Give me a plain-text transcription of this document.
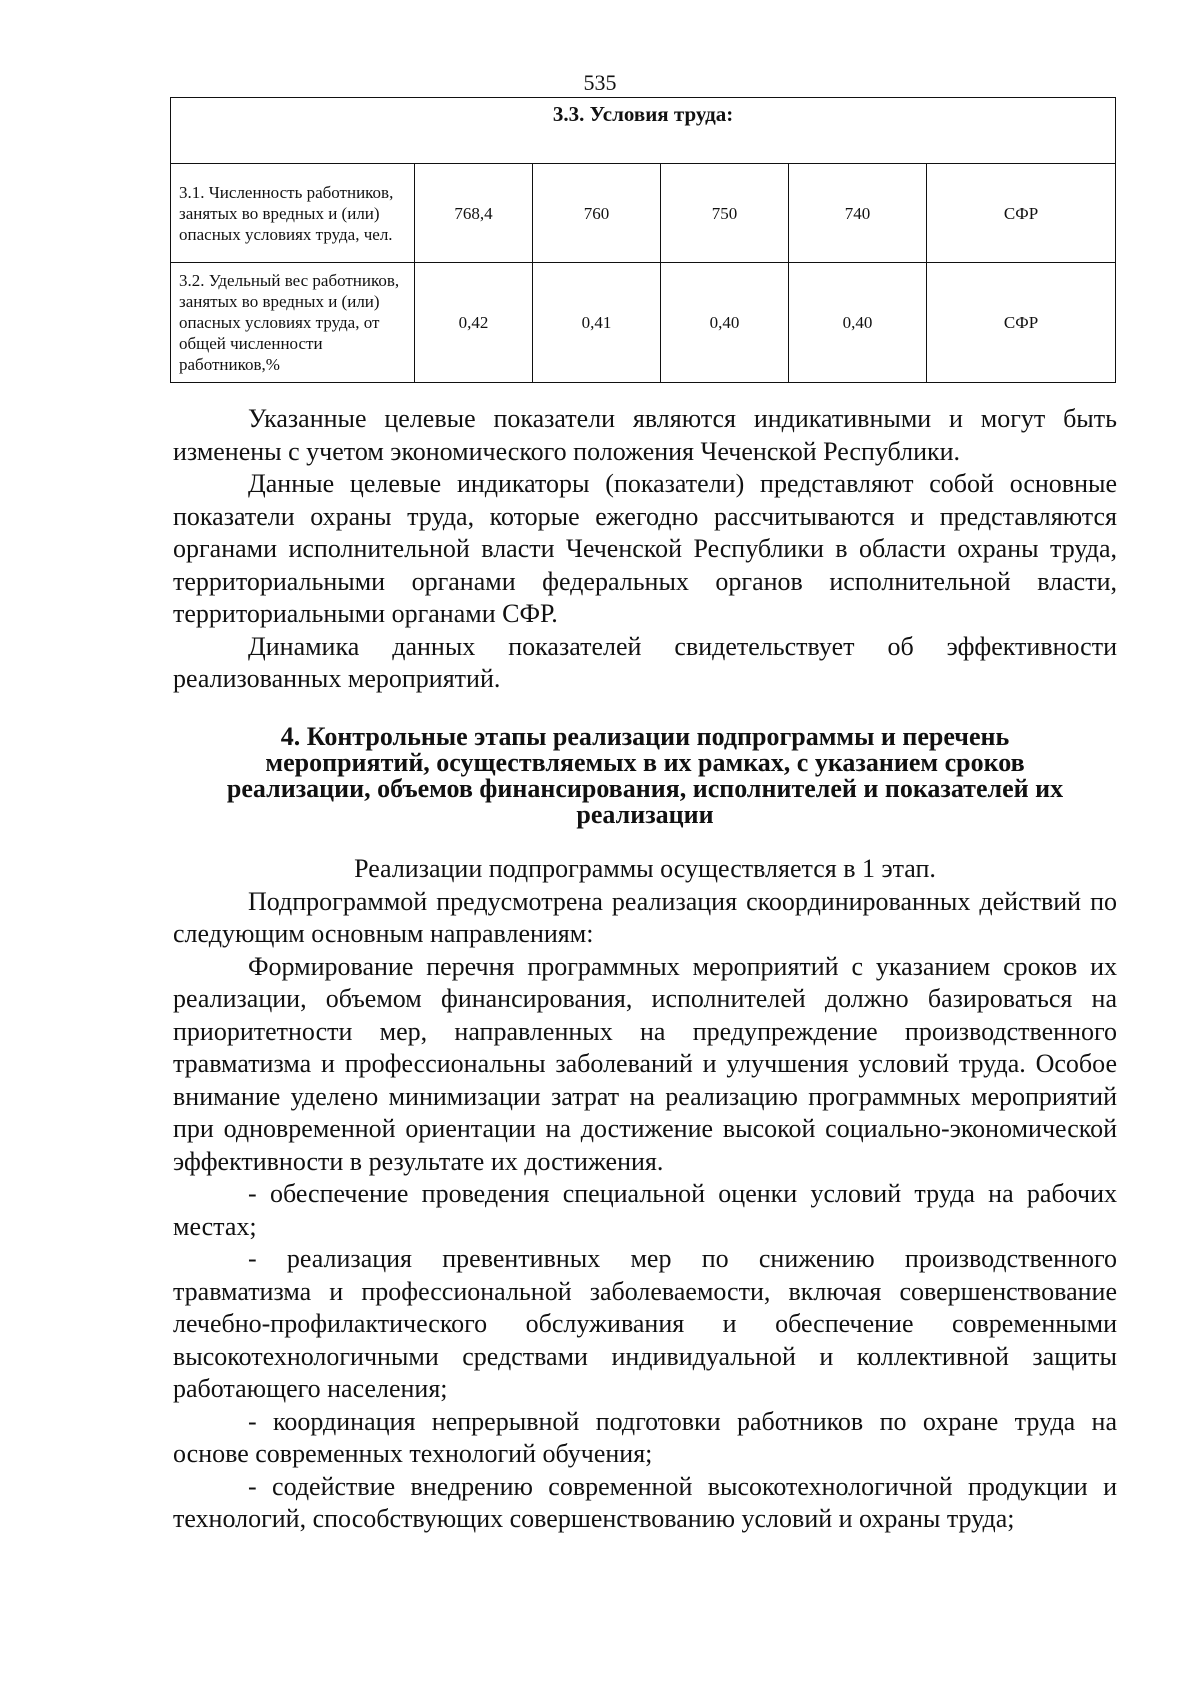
535
3.3. Условия труда:					
3.1. Численность работников, занятых во вредных и (или) опасных условиях труда, чел.	768,4	760	750	740	СФР
3.2. Удельный вес работников, занятых во вредных и (или) опасных условиях труда, от общей численности работников,%	0,42	0,41	0,40	0,40	СФР

Указанные целевые показатели являются индикативными и могут быть изменены с учетом экономического положения Чеченской Республики.

Данные целевые индикаторы (показатели) представляют собой основные показатели охраны труда, которые ежегодно рассчитываются и представляются органами исполнительной власти Чеченской Республики в области охраны труда, территориальными органами федеральных органов исполнительной власти, территориальными органами СФР.

Динамика данных показателей свидетельствует об эффективности реализованных мероприятий.

4. Контрольные этапы реализации подпрограммы и перечень
мероприятий, осуществляемых в их рамках, с указанием сроков
реализации, объемов финансирования, исполнителей и показателей их
реализации

Реализации подпрограммы осуществляется в 1 этап.

Подпрограммой предусмотрена реализация скоординированных действий по следующим основным направлениям:

Формирование перечня программных мероприятий с указанием сроков их реализации, объемом финансирования, исполнителей должно базироваться на приоритетности мер, направленных на предупреждение производственного травматизма и профессиональны заболеваний и улучшения условий труда. Особое внимание уделено минимизации затрат на реализацию программных мероприятий при одновременной ориентации на достижение высокой социально-экономической эффективности в результате их достижения.

- обеспечение проведения специальной оценки условий труда на рабочих местах;

- реализация превентивных мер по снижению производственного травматизма и профессиональной заболеваемости, включая совершенствование лечебно-профилактического обслуживания и обеспечение современными высокотехнологичными средствами индивидуальной и коллективной защиты работающего населения;

- координация непрерывной подготовки работников по охране труда на основе современных технологий обучения;

- содействие внедрению современной высокотехнологичной продукции и технологий, способствующих совершенствованию условий и охраны труда;
